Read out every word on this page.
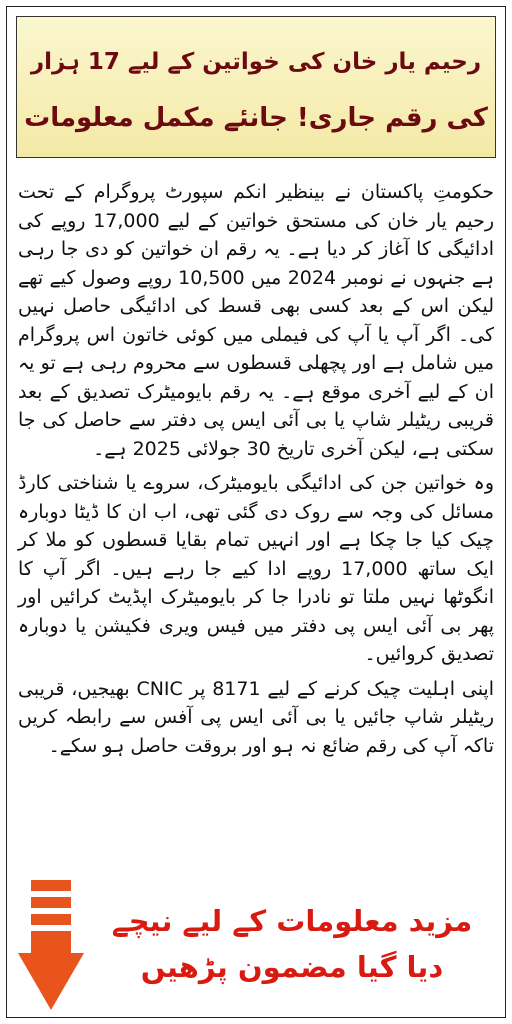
رحیم یار خان کی خواتین کے لیے 17 ہزار
کی رقم جاری! جانئے مکمل معلومات

حکومتِ پاکستان نے بینظیر انکم سپورٹ پروگرام کے تحت رحیم یار خان کی مستحق خواتین کے لیے 17,000 روپے کی ادائیگی کا آغاز کر دیا ہے۔ یہ رقم ان خواتین کو دی جا رہی ہے جنہوں نے نومبر 2024 میں 10,500 روپے وصول کیے تھے لیکن اس کے بعد کسی بھی قسط کی ادائیگی حاصل نہیں کی۔ اگر آپ یا آپ کی فیملی میں کوئی خاتون اس پروگرام میں شامل ہے اور پچھلی قسطوں سے محروم رہی ہے تو یہ ان کے لیے آخری موقع ہے۔ یہ رقم بایومیٹرک تصدیق کے بعد قریبی ریٹیلر شاپ یا بی آئی ایس پی دفتر سے حاصل کی جا سکتی ہے، لیکن آخری تاریخ 30 جولائی 2025 ہے۔

وہ خواتین جن کی ادائیگی بایومیٹرک، سروے یا شناختی کارڈ مسائل کی وجہ سے روک دی گئی تھی، اب ان کا ڈیٹا دوبارہ چیک کیا جا چکا ہے اور انہیں تمام بقایا قسطوں کو ملا کر ایک ساتھ 17,000 روپے ادا کیے جا رہے ہیں۔ اگر آپ کا انگوٹھا نہیں ملتا تو نادرا جا کر بایومیٹرک اپڈیٹ کرائیں اور پھر بی آئی ایس پی دفتر میں فیس ویری فکیشن یا دوبارہ تصدیق کروائیں۔

اپنی اہلیت چیک کرنے کے لیے 8171 پر CNIC بھیجیں، قریبی ریٹیلر شاپ جائیں یا بی آئی ایس پی آفس سے رابطہ کریں تاکہ آپ کی رقم ضائع نہ ہو اور بروقت حاصل ہو سکے۔

مزید معلومات کے لیے نیچے
دیا گیا مضمون پڑھیں
